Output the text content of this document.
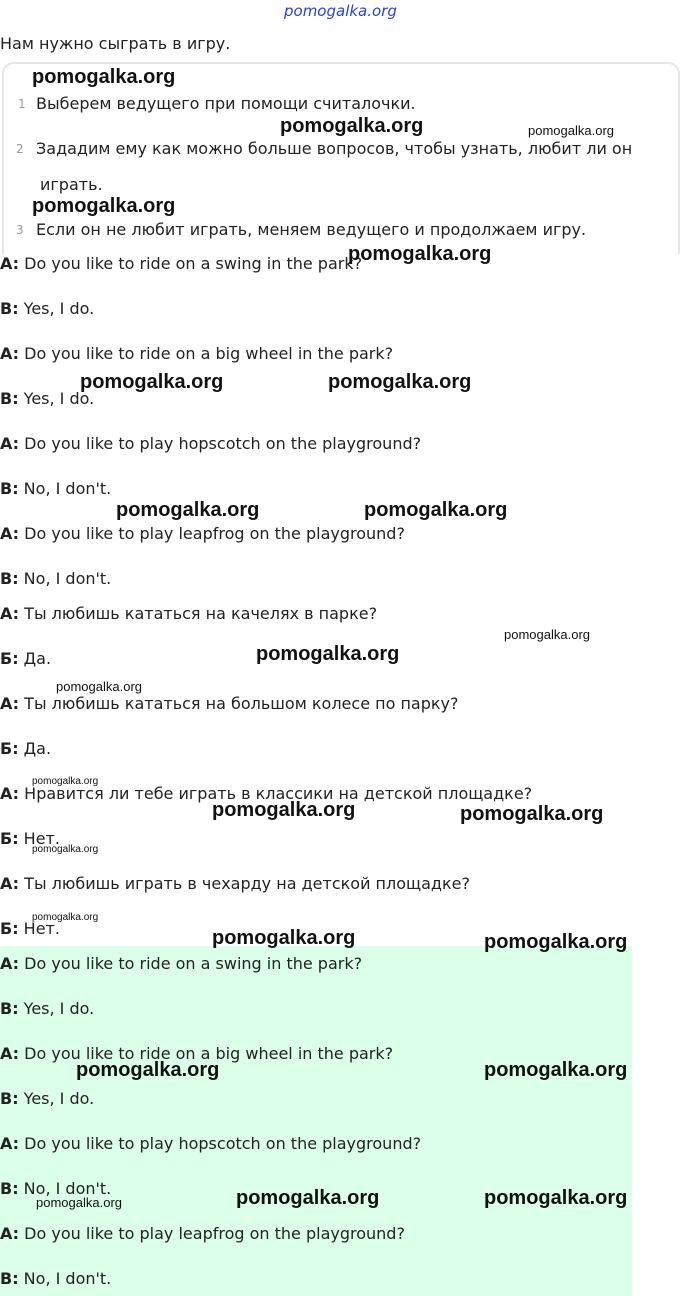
pomogalka.org
Нам нужно сыграть в игру.
1 Выберем ведущего при помощи считалочки.
2 Зададим ему как можно больше вопросов, чтобы узнать, любит ли он
играть.
3 Если он не любит играть, меняем ведущего и продолжаем игру.
A: Do you like to ride on a swing in the park?
B: Yes, I do.
A: Do you like to ride on a big wheel in the park?
B: Yes, I do.
A: Do you like to play hopscotch on the playground?
B: No, I don't.
A: Do you like to play leapfrog on the playground?
B: No, I don't.
A: Ты любишь кататься на качелях в парке?
Б: Да.
A: Ты любишь кататься на большом колесе по парку?
Б: Да.
A: Нравится ли тебе играть в классики на детской площадке?
Б: Нет.
A: Ты любишь играть в чехарду на детской площадке?
Б: Нет.
A: Do you like to ride on a swing in the park?
B: Yes, I do.
A: Do you like to ride on a big wheel in the park?
B: Yes, I do.
A: Do you like to play hopscotch on the playground?
B: No, I don't.
A: Do you like to play leapfrog on the playground?
B: No, I don't.
pomogalka.org
pomogalka.org	pomogalka.org
pomogalka.org
pomogalka.org
pomogalka.org	pomogalka.org
pomogalka.org	pomogalka.org
pomogalka.org
pomogalka.org
pomogalka.org
pomogalka.org
pomogalka.org	pomogalka.org
pomogalka.org
pomogalka.org
pomogalka.org	pomogalka.org
pomogalka.org	pomogalka.org
pomogalka.org	pomogalka.org	pomogalka.org
